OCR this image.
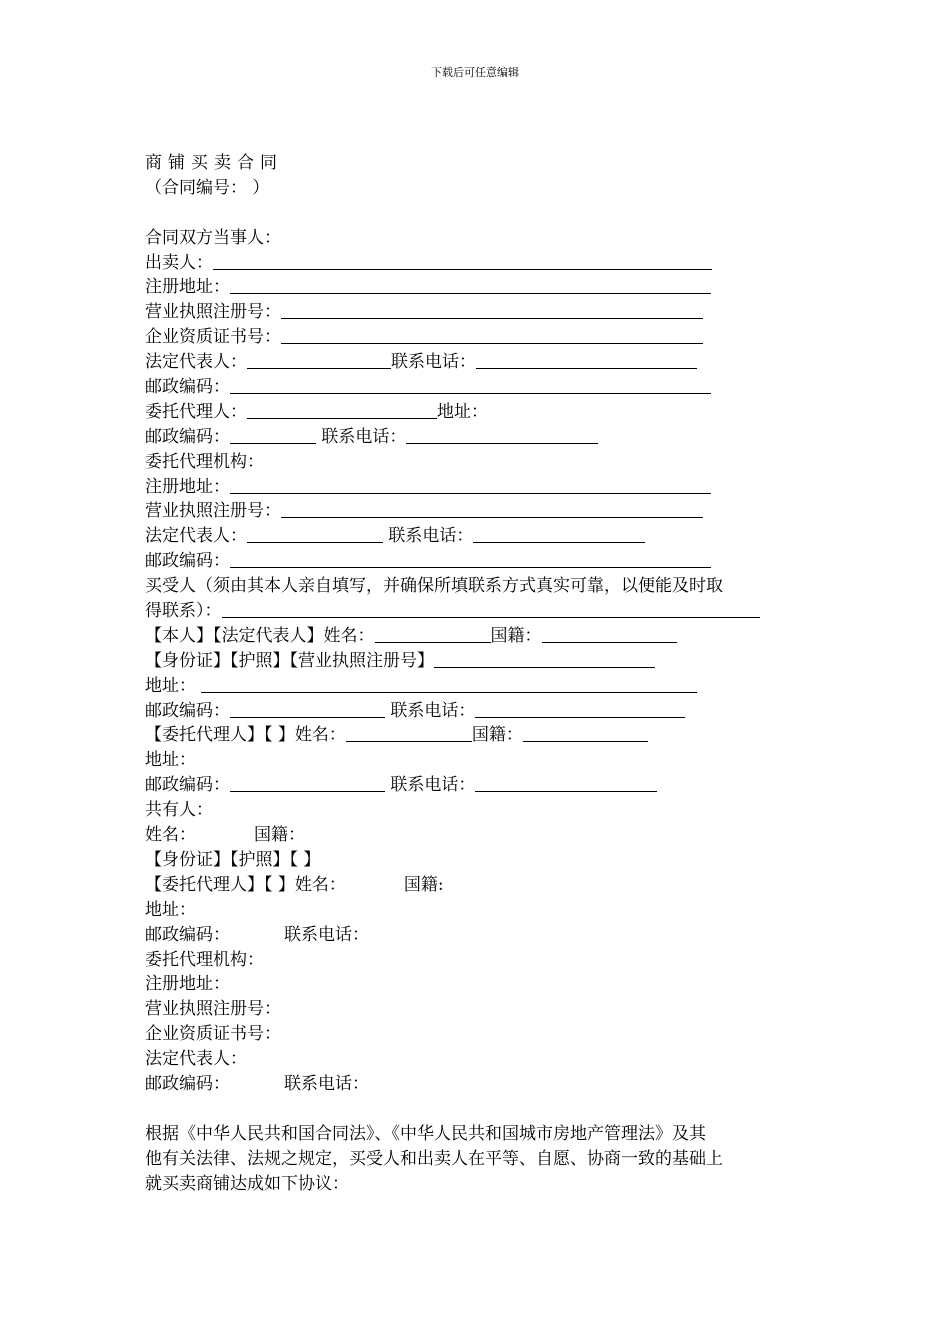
下载后可任意编辑
商 铺 买 卖 合 同
（合同编号： ）
合同双方当事人：
出卖人：
注册地址：
营业执照注册号：
企业资质证书号：
法定代表人：	联系电话：
邮政编码：
委托代理人：	地址：
邮政编码：	联系电话：
委托代理机构：
注册地址：
营业执照注册号：
法定代表人：	联系电话：
邮政编码：
买受人（须由其本人亲自填写，并确保所填联系方式真实可靠，以便能及时取
得联系）：
【本人】【法定代表人】姓名：	国籍：
【身份证】【护照】【营业执照注册号】
地址：
邮政编码：	联系电话：
【委托代理人】【 】姓名：	国籍：
地址：
邮政编码：	联系电话：
共有人：
姓名：	国籍：
【身份证】【护照】【 】
【委托代理人】【 】姓名：	国籍:
地址：
邮政编码：	联系电话：
委托代理机构：
注册地址：
营业执照注册号：
企业资质证书号：
法定代表人：
邮政编码：	联系电话：
根据《中华人民共和国合同法》、《中华人民共和国城市房地产管理法》及其
他有关法律、法规之规定，买受人和出卖人在平等、自愿、协商一致的基础上
就买卖商铺达成如下协议：
